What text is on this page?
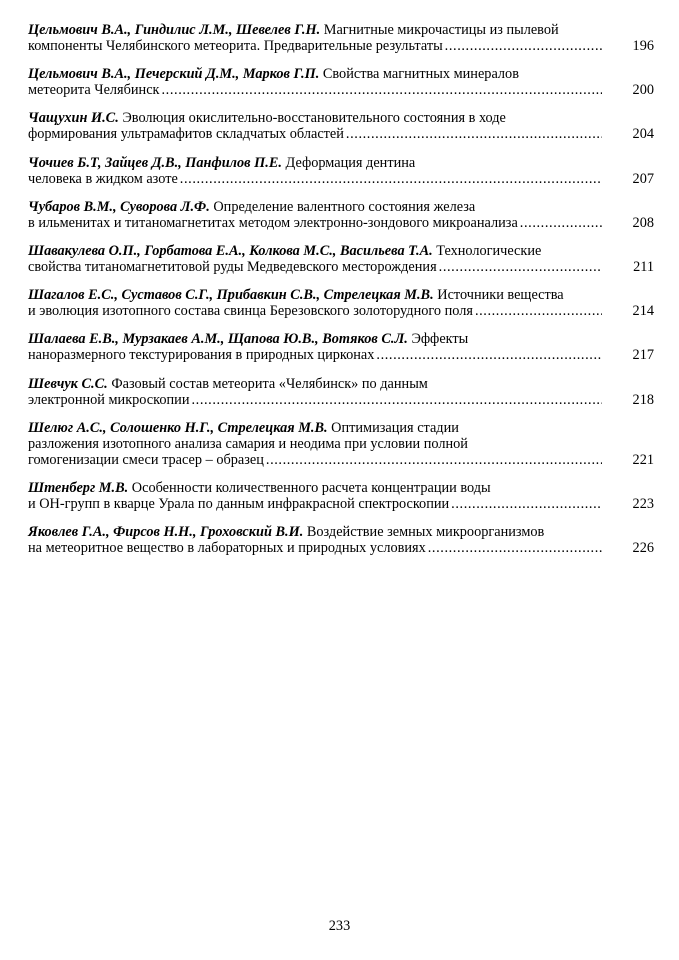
Цельмович В.А., Гиндилис Л.М., Шевелев Г.Н. Магнитные микрочастицы из пылевой
компоненты Челябинского метеорита. Предварительные результаты .....	196
Цельмович В.А., Печерский Д.М., Марков Г.П. Свойства магнитных минералов
метеорита Челябинск .....	200
Чащухин И.С. Эволюция окислительно-восстановительного состояния в ходе
формирования ультрамафитов складчатых областей .....	204
Чочиев Б.Т, Зайцев Д.В., Панфилов П.Е. Деформация дентина
человека в жидком азоте .....	207
Чубаров В.М., Суворова Л.Ф. Определение валентного состояния железа
в ильменитах и титаномагнетитах методом электронно-зондового микроанализа .....	208
Шавакулева О.П., Горбатова Е.А., Колкова М.С., Васильева Т.А. Технологические
свойства титаномагнетитовой руды Медведевского месторождения .....	211
Шагалов Е.С., Суставов С.Г., Прибавкин С.В., Стрелецкая М.В. Источники вещества
и эволюция изотопного состава свинца Березовского золоторудного поля .....	214
Шалаева Е.В., Мурзакаев А.М., Щапова Ю.В., Вотяков С.Л. Эффекты
наноразмерного текстурирования в природных цирконах .....	217
Шевчук С.С. Фазовый состав метеорита «Челябинск» по данным
электронной микроскопии .....	218
Шелюг А.С., Солошенко Н.Г., Стрелецкая М.В. Оптимизация стадии
разложения изотопного анализа самария и неодима при условии полной
гомогенизации смеси трасер – образец .....	221
Штенберг М.В. Особенности количественного расчета концентрации воды
и ОН-групп в кварце Урала по данным инфракрасной спектроскопии .....	223
Яковлев Г.А., Фирсов Н.Н., Гроховский В.И. Воздействие земных микроорганизмов
на метеоритное вещество в лабораторных и природных условиях .....	226
233
